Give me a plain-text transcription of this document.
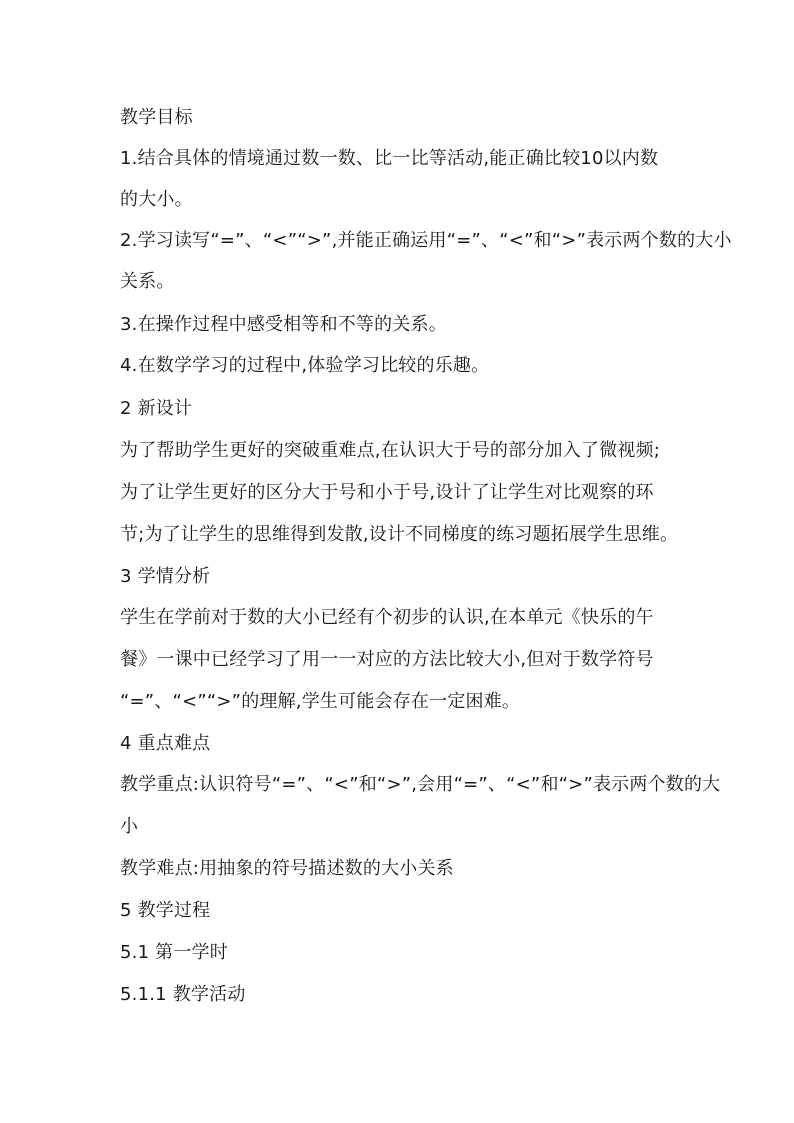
教学目标
1.结合具体的情境通过数一数、比一比等活动,能正确比较10以内数
的大小。
2.学习读写“=”、“<”“>”,并能正确运用“=”、“<”和“>”表示两个数的大小
关系。
3.在操作过程中感受相等和不等的关系。
4.在数学学习的过程中,体验学习比较的乐趣。
2 新设计
为了帮助学生更好的突破重难点,在认识大于号的部分加入了微视频;
为了让学生更好的区分大于号和小于号,设计了让学生对比观察的环
节;为了让学生的思维得到发散,设计不同梯度的练习题拓展学生思维。
3 学情分析
学生在学前对于数的大小已经有个初步的认识,在本单元《快乐的午
餐》一课中已经学习了用一一对应的方法比较大小,但对于数学符号
“=”、“<”“>”的理解,学生可能会存在一定困难。
4 重点难点
教学重点:认识符号“=”、“<”和“>”,会用“=”、“<”和“>”表示两个数的大
小
教学难点:用抽象的符号描述数的大小关系
5 教学过程
5.1 第一学时
5.1.1 教学活动
